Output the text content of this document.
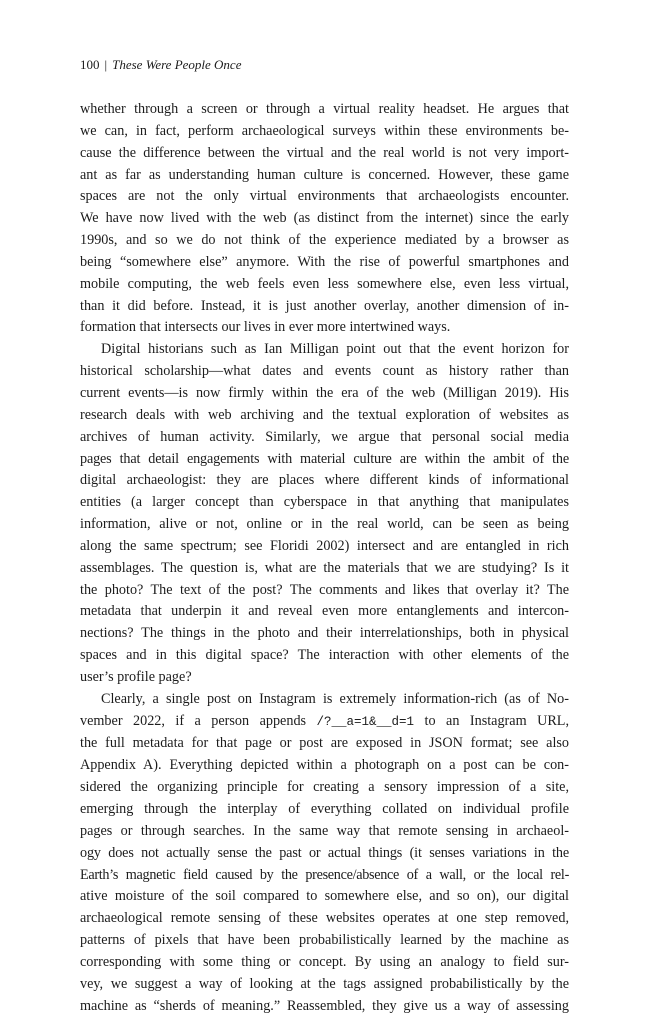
100 | These Were People Once
whether through a screen or through a virtual reality headset. He argues that
we can, in fact, perform archaeological surveys within these environments be-
cause the difference between the virtual and the real world is not very import-
ant as far as understanding human culture is concerned. However, these game
spaces are not the only virtual environments that archaeologists encounter.
We have now lived with the web (as distinct from the internet) since the early
1990s, and so we do not think of the experience mediated by a browser as
being “somewhere else” anymore. With the rise of powerful smartphones and
mobile computing, the web feels even less somewhere else, even less virtual,
than it did before. Instead, it is just another overlay, another dimension of in-
formation that intersects our lives in ever more intertwined ways.
Digital historians such as Ian Milligan point out that the event horizon for
historical scholarship—what dates and events count as history rather than
current events—is now firmly within the era of the web (Milligan 2019). His
research deals with web archiving and the textual exploration of websites as
archives of human activity. Similarly, we argue that personal social media
pages that detail engagements with material culture are within the ambit of the
digital archaeologist: they are places where different kinds of informational
entities (a larger concept than cyberspace in that anything that manipulates
information, alive or not, online or in the real world, can be seen as being
along the same spectrum; see Floridi 2002) intersect and are entangled in rich
assemblages. The question is, what are the materials that we are studying? Is it
the photo? The text of the post? The comments and likes that overlay it? The
metadata that underpin it and reveal even more entanglements and intercon-
nections? The things in the photo and their interrelationships, both in physical
spaces and in this digital space? The interaction with other elements of the
user’s profile page?
Clearly, a single post on Instagram is extremely information-rich (as of No-
vember 2022, if a person appends /?__a=1&__d=1 to an Instagram URL,
the full metadata for that page or post are exposed in JSON format; see also
Appendix A). Everything depicted within a photograph on a post can be con-
sidered the organizing principle for creating a sensory impression of a site,
emerging through the interplay of everything collated on individual profile
pages or through searches. In the same way that remote sensing in archaeol-
ogy does not actually sense the past or actual things (it senses variations in the
Earth’s magnetic field caused by the presence/absence of a wall, or the local rel-
ative moisture of the soil compared to somewhere else, and so on), our digital
archaeological remote sensing of these websites operates at one step removed,
patterns of pixels that have been probabilistically learned by the machine as
corresponding with some thing or concept. By using an analogy to field sur-
vey, we suggest a way of looking at the tags assigned probabilistically by the
machine as “sherds of meaning.” Reassembled, they give us a way of assessing
